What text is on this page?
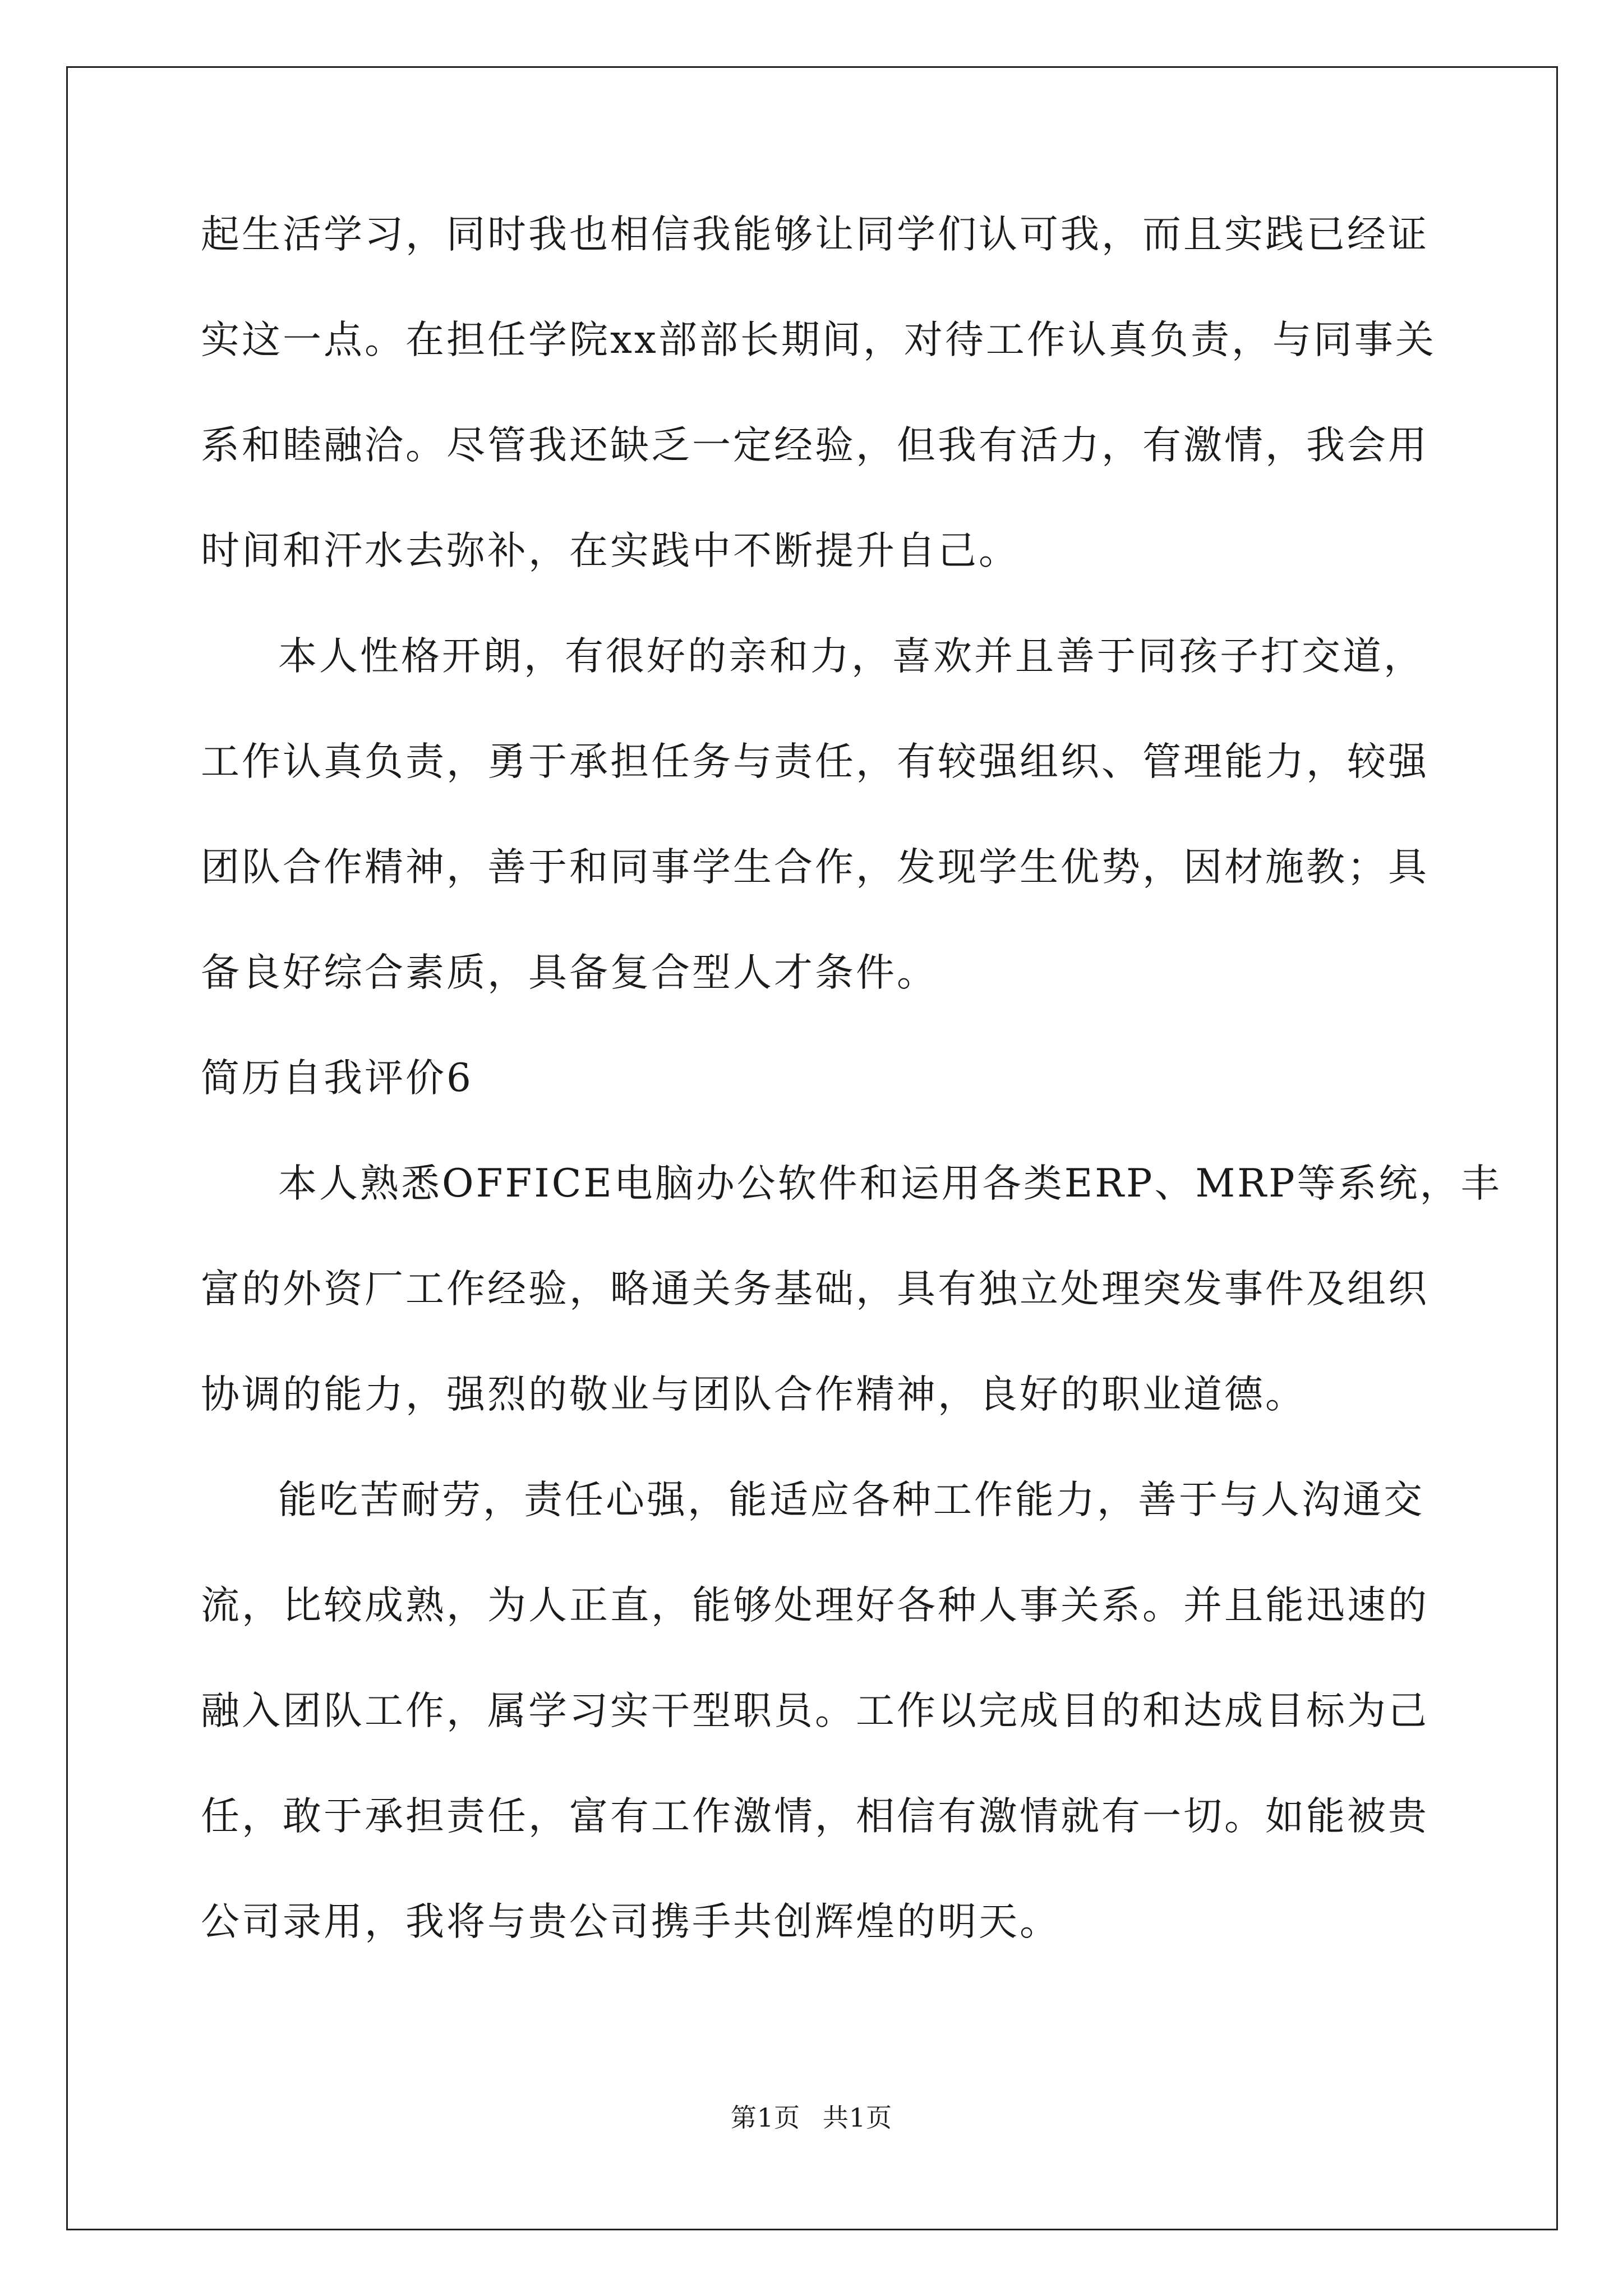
起生活学习，同时我也相信我能够让同学们认可我，而且实践已经证
实这一点。在担任学院xx部部长期间，对待工作认真负责，与同事关
系和睦融洽。尽管我还缺乏一定经验，但我有活力，有激情，我会用
时间和汗水去弥补，在实践中不断提升自己。
本人性格开朗，有很好的亲和力，喜欢并且善于同孩子打交道，
工作认真负责，勇于承担任务与责任，有较强组织、管理能力，较强
团队合作精神，善于和同事学生合作，发现学生优势，因材施教；具
备良好综合素质，具备复合型人才条件。
简历自我评价6
本人熟悉OFFICE电脑办公软件和运用各类ERP、MRP等系统，丰
富的外资厂工作经验，略通关务基础，具有独立处理突发事件及组织
协调的能力，强烈的敬业与团队合作精神，良好的职业道德。
能吃苦耐劳，责任心强，能适应各种工作能力，善于与人沟通交
流，比较成熟，为人正直，能够处理好各种人事关系。并且能迅速的
融入团队工作，属学习实干型职员。工作以完成目的和达成目标为己
任，敢于承担责任，富有工作激情，相信有激情就有一切。如能被贵
公司录用，我将与贵公司携手共创辉煌的明天。
第1页 共1页
